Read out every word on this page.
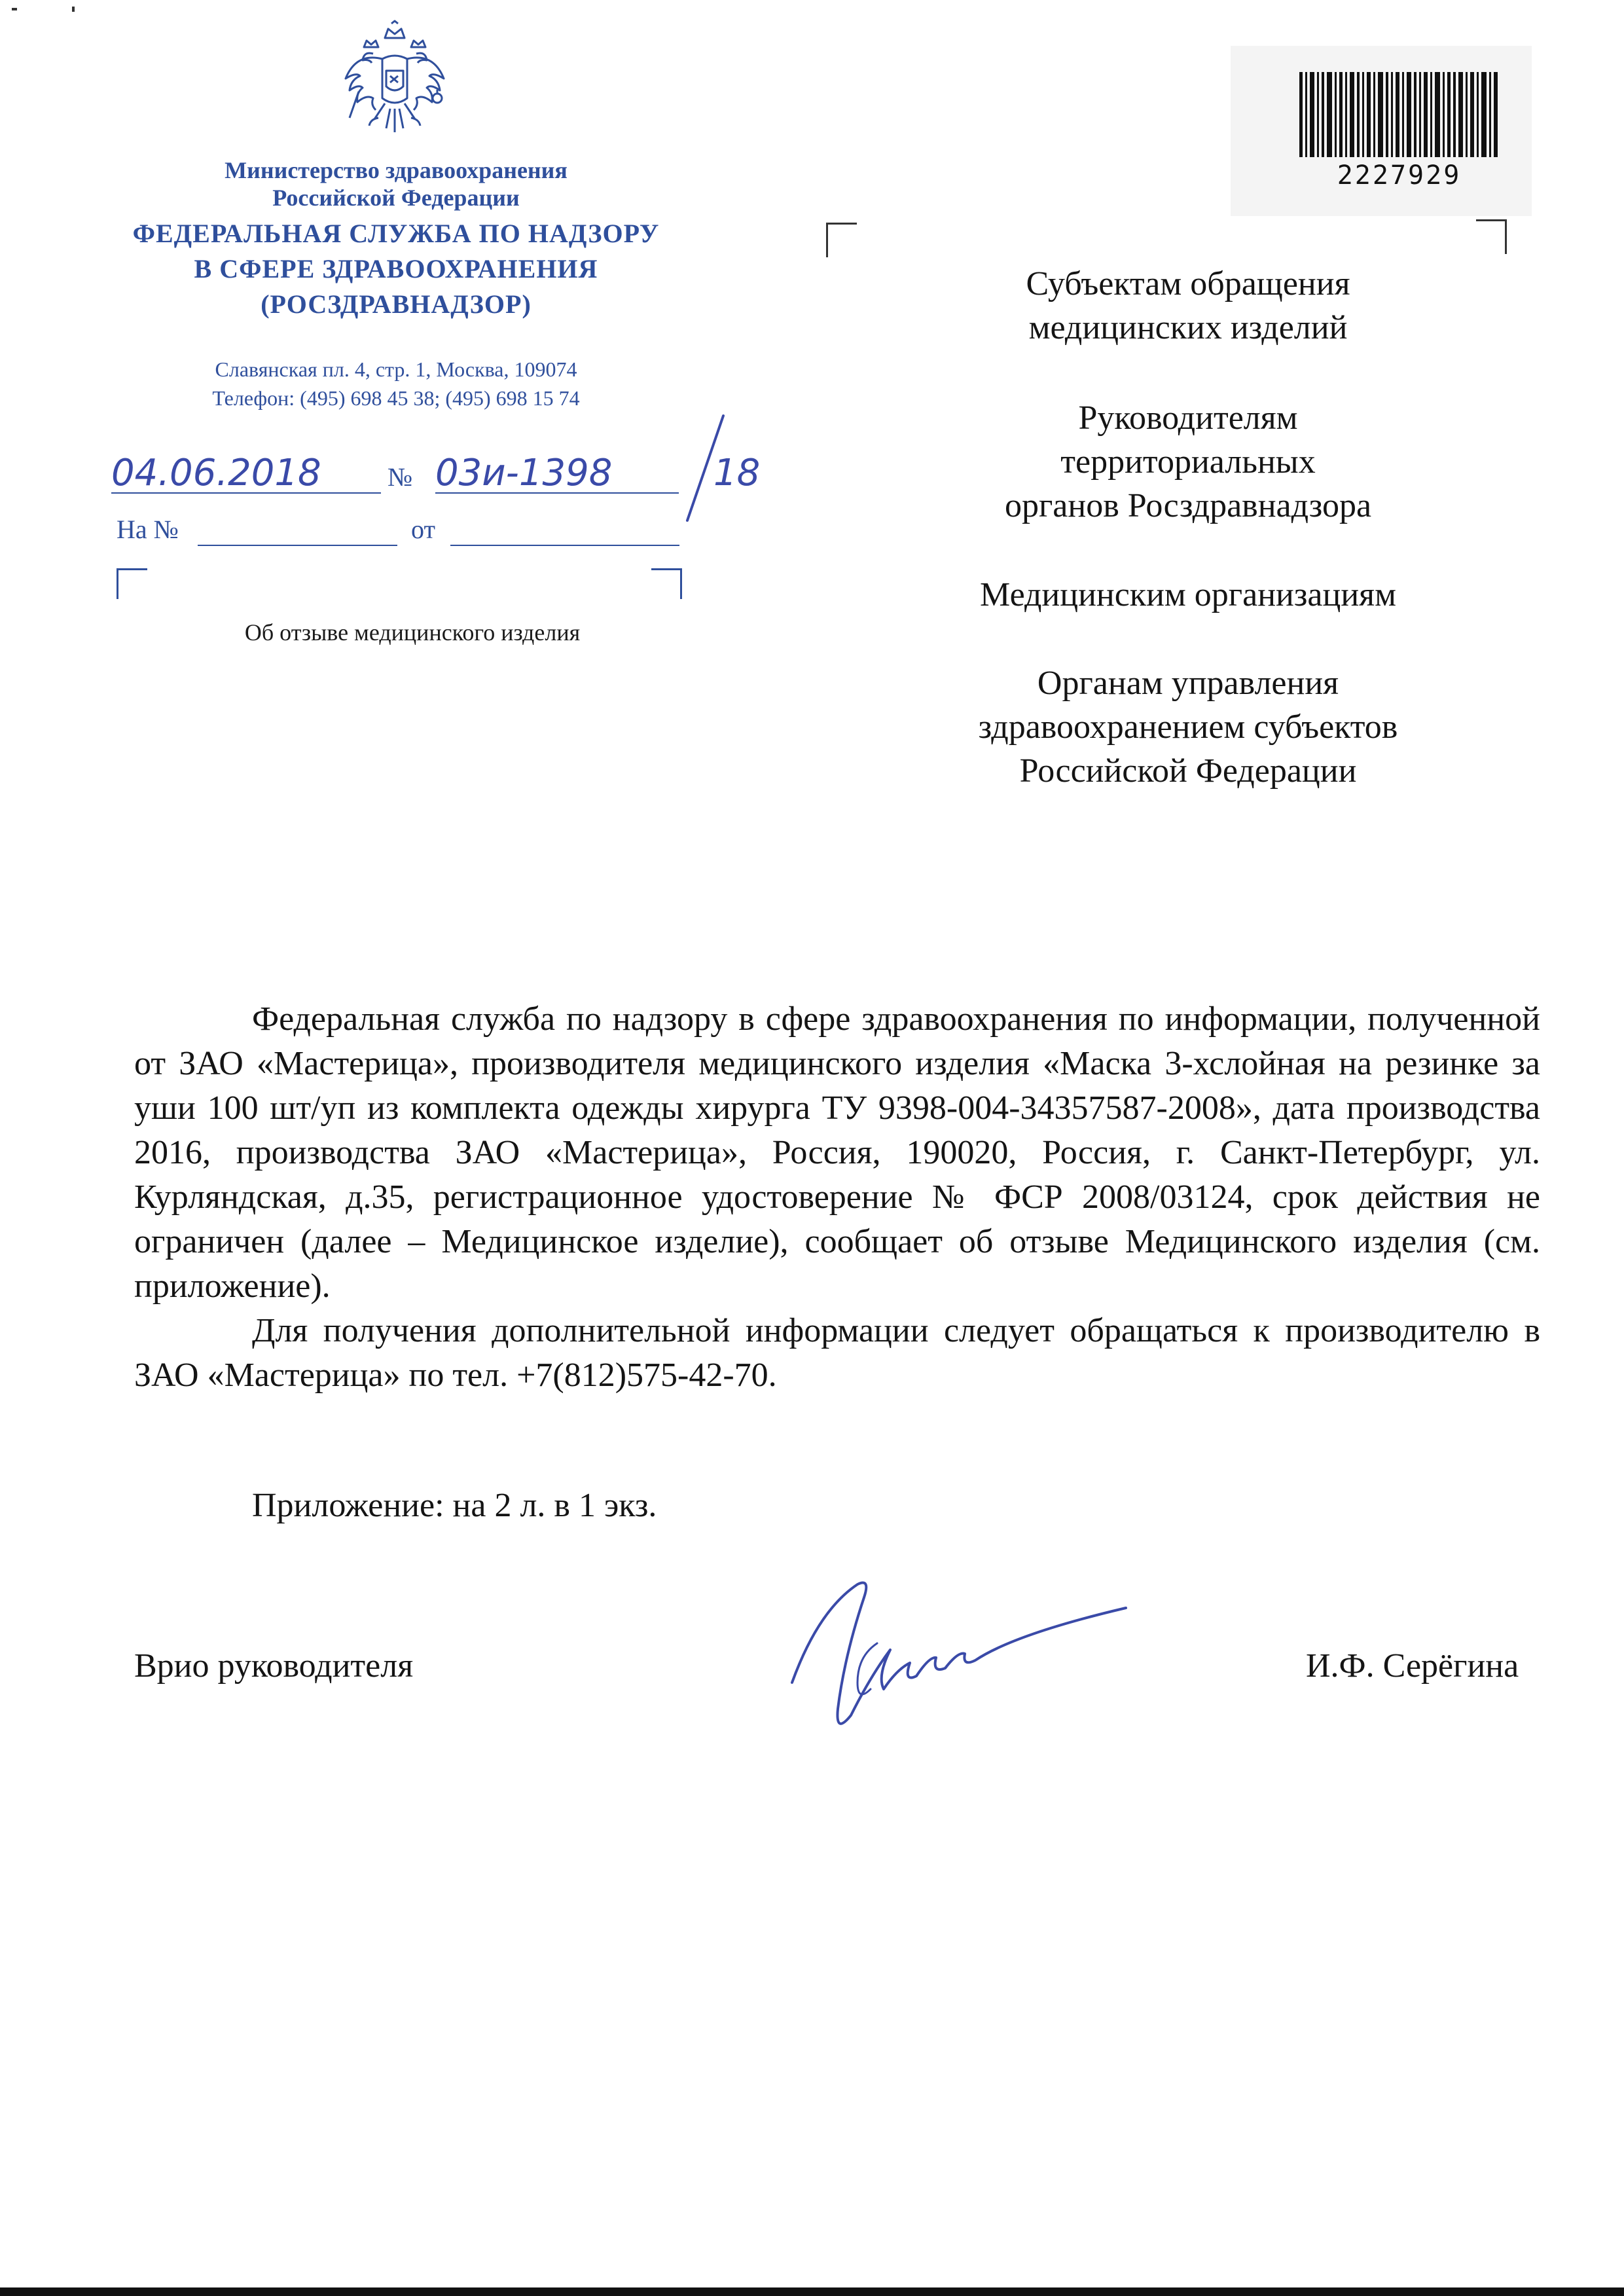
Министерство здравоохранения
Российской Федерации
ФЕДЕРАЛЬНАЯ СЛУЖБА ПО НАДЗОРУ
В СФЕРЕ ЗДРАВООХРАНЕНИЯ
(РОСЗДРАВНАДЗОР)
Славянская пл. 4, стр. 1, Москва, 109074
Телефон: (495) 698 45 38; (495) 698 15 74
04.06.2018	№ 03и-1398	18
На №	от
Об отзыве медицинского изделия
2227929
Субъектам обращения
медицинских изделий
Руководителям
территориальных
органов Росздравнадзора
Медицинским организациям
Органам управления
здравоохранением субъектов
Российской Федерации

Федеральная служба по надзору в сфере здравоохранения по информации, полученной от ЗАО «Мастерица», производителя медицинского изделия «Маска 3-хслойная на резинке за уши 100 шт/уп из комплекта одежды хирурга ТУ 9398-004-34357587-2008», дата производства 2016, производства ЗАО «Мастерица», Россия, 190020, Россия, г. Санкт-Петербург, ул. Курляндская, д.35, регистрационное удостоверение № ФСР 2008/03124, срок действия не ограничен (далее – Медицинское изделие), сообщает об отзыве Медицинского изделия (см. приложение).

Для получения дополнительной информации следует обращаться к производителю в ЗАО «Мастерица» по тел. +7(812)575-42-70.

Приложение: на 2 л. в 1 экз.
Врио руководителя	И.Ф. Серёгина
